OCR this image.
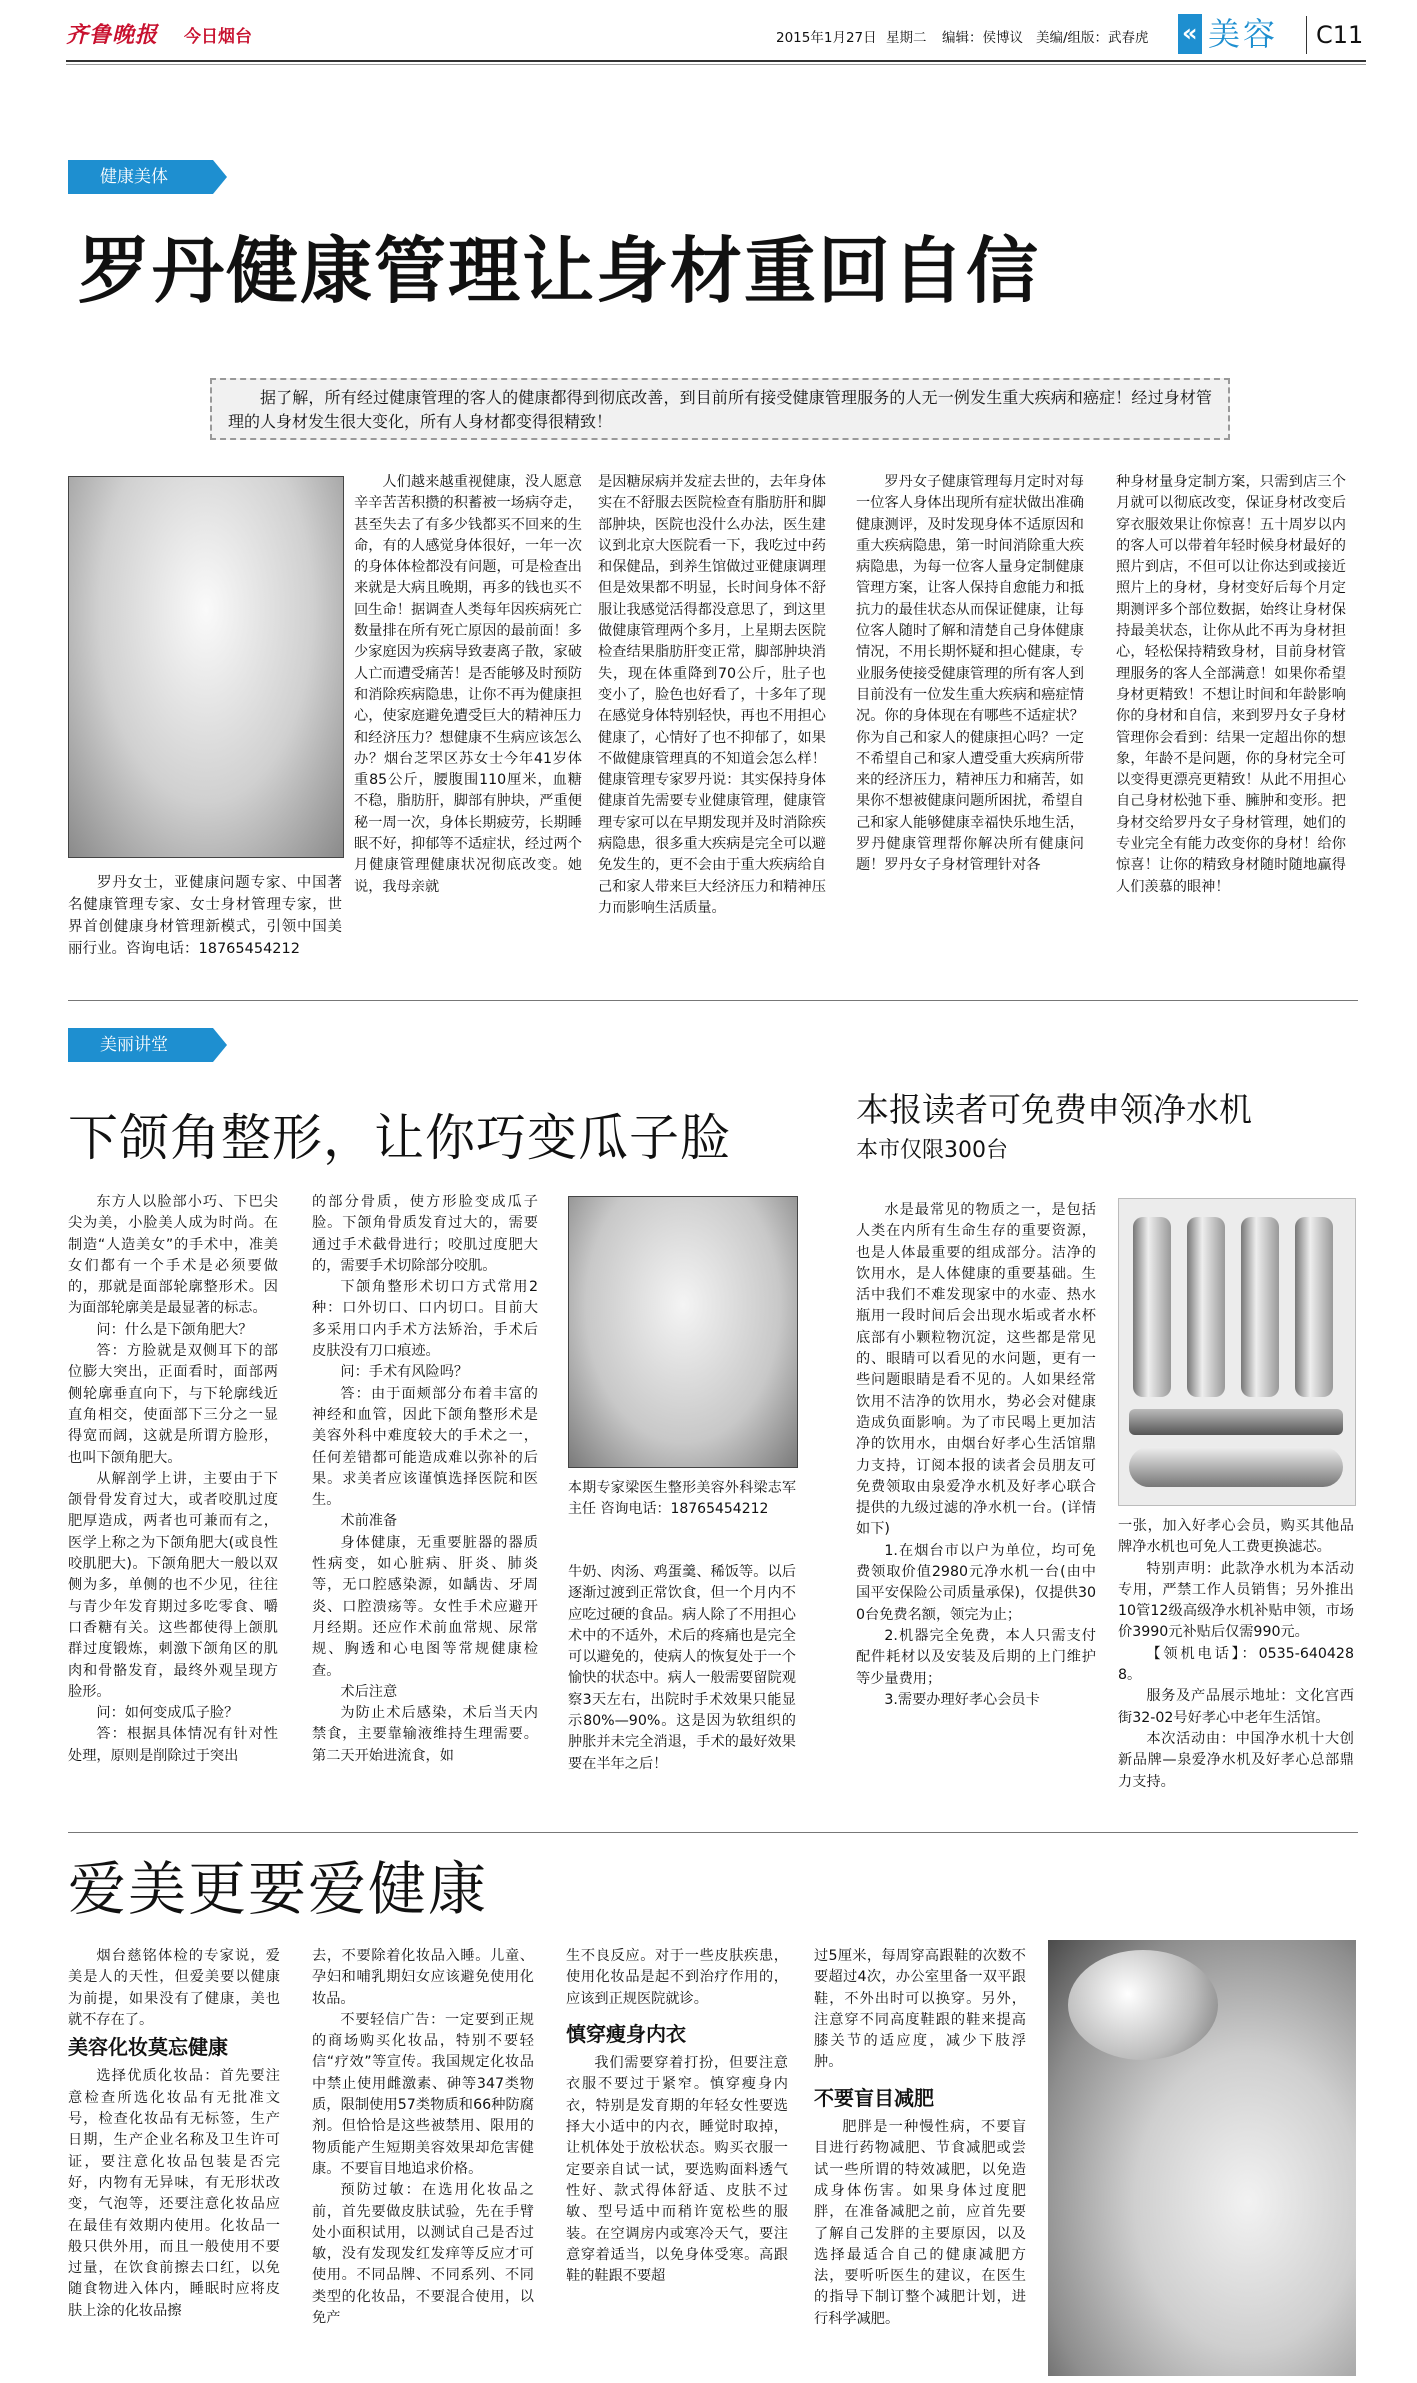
齐鲁晚报 今日烟台	2015年1月27日 星期二 编辑：侯博议 美编/组版：武春虎 « 美容 C11
健康美体
罗丹健康管理让身材重回自信
据了解，所有经过健康管理的客人的健康都得到彻底改善，到目前所有接受健康管理服务的人无一例发生重大疾病和癌症！经过身材管理的人身材发生很大变化，所有人身材都变得很精致！
罗丹女士，亚健康问题专家、中国著名健康管理专家、女士身材管理专家，世界首创健康身材管理新模式，引领中国美丽行业。咨询电话：18765454212

人们越来越重视健康，没人愿意辛辛苦苦积攒的积蓄被一场病夺走，甚至失去了有多少钱都买不回来的生命，有的人感觉身体很好，一年一次的身体体检都没有问题，可是检查出来就是大病且晚期，再多的钱也买不回生命！据调查人类每年因疾病死亡数量排在所有死亡原因的最前面！多少家庭因为疾病导致妻离子散，家破人亡而遭受痛苦！是否能够及时预防和消除疾病隐患，让你不再为健康担心，使家庭避免遭受巨大的精神压力和经济压力？想健康不生病应该怎么办？烟台芝罘区苏女士今年41岁体重85公斤，腰腹围110厘米，血糖不稳，脂肪肝，脚部有肿块，严重便秘一周一次，身体长期疲劳，长期睡眠不好，抑郁等不适症状，经过两个月健康管理健康状况彻底改变。她说，我母亲就

是因糖尿病并发症去世的，去年身体实在不舒服去医院检查有脂肪肝和脚部肿块，医院也没什么办法，医生建议到北京大医院看一下，我吃过中药和保健品，到养生馆做过亚健康调理但是效果都不明显，长时间身体不舒服让我感觉活得都没意思了，到这里做健康管理两个多月，上星期去医院检查结果脂肪肝变正常，脚部肿块消失，现在体重降到70公斤，肚子也变小了，脸色也好看了，十多年了现在感觉身体特别轻快，再也不用担心健康了，心情好了也不抑郁了，如果不做健康管理真的不知道会怎么样！健康管理专家罗丹说：其实保持身体健康首先需要专业健康管理，健康管理专家可以在早期发现并及时消除疾病隐患，很多重大疾病是完全可以避免发生的，更不会由于重大疾病给自己和家人带来巨大经济压力和精神压力而影响生活质量。

罗丹女子健康管理每月定时对每一位客人身体出现所有症状做出准确健康测评，及时发现身体不适原因和重大疾病隐患，第一时间消除重大疾病隐患，为每一位客人量身定制健康管理方案，让客人保持自愈能力和抵抗力的最佳状态从而保证健康，让每位客人随时了解和清楚自己身体健康情况，不用长期怀疑和担心健康，专业服务使接受健康管理的所有客人到目前没有一位发生重大疾病和癌症情况。你的身体现在有哪些不适症状？你为自己和家人的健康担心吗？一定不希望自己和家人遭受重大疾病所带来的经济压力，精神压力和痛苦，如果你不想被健康问题所困扰，希望自己和家人能够健康幸福快乐地生活，罗丹健康管理帮你解决所有健康问题！罗丹女子身材管理针对各

种身材量身定制方案，只需到店三个月就可以彻底改变，保证身材改变后穿衣服效果让你惊喜！五十周岁以内的客人可以带着年轻时候身材最好的照片到店，不但可以让你达到或接近照片上的身材，身材变好后每个月定期测评多个部位数据，始终让身材保持最美状态，让你从此不再为身材担心，轻松保持精致身材，目前身材管理服务的客人全部满意！如果你希望身材更精致！不想让时间和年龄影响你的身材和自信，来到罗丹女子身材管理你会看到：结果一定超出你的想象，年龄不是问题，你的身材完全可以变得更漂亮更精致！从此不用担心自己身材松弛下垂、臃肿和变形。把身材交给罗丹女子身材管理，她们的专业完全有能力改变你的身材！给你惊喜！让你的精致身材随时随地赢得人们羡慕的眼神！

美丽讲堂
下颌角整形，让你巧变瓜子脸

东方人以脸部小巧、下巴尖尖为美，小脸美人成为时尚。在制造“人造美女”的手术中，准美女们都有一个手术是必须要做的，那就是面部轮廓整形术。因为面部轮廓美是最显著的标志。

问：什么是下颌角肥大？

答：方脸就是双侧耳下的部位膨大突出，正面看时，面部两侧轮廓垂直向下，与下轮廓线近直角相交，使面部下三分之一显得宽而阔，这就是所谓方脸形，也叫下颌角肥大。

从解剖学上讲，主要由于下颌骨骨发育过大，或者咬肌过度肥厚造成，两者也可兼而有之，医学上称之为下颌角肥大(或良性咬肌肥大)。下颌角肥大一般以双侧为多，单侧的也不少见，往往与青少年发育期过多吃零食、嚼口香糖有关。这些都使得上颌肌群过度锻炼，刺激下颌角区的肌肉和骨骼发育，最终外观呈现方脸形。

问：如何变成瓜子脸？

答：根据具体情况有针对性处理，原则是削除过于突出

的部分骨质，使方形脸变成瓜子脸。下颌角骨质发育过大的，需要通过手术截骨进行；咬肌过度肥大的，需要手术切除部分咬肌。

下颌角整形术切口方式常用2种：口外切口、口内切口。目前大多采用口内手术方法矫治，手术后皮肤没有刀口痕迹。

问：手术有风险吗？

答：由于面颊部分布着丰富的神经和血管，因此下颌角整形术是美容外科中难度较大的手术之一，任何差错都可能造成难以弥补的后果。求美者应该谨慎选择医院和医生。

术前准备

身体健康，无重要脏器的器质性病变，如心脏病、肝炎、肺炎等，无口腔感染源，如龋齿、牙周炎、口腔溃疡等。女性手术应避开月经期。还应作术前血常规、尿常规、胸透和心电图等常规健康检查。

术后注意

为防止术后感染，术后当天内禁食，主要靠输液维持生理需要。第二天开始进流食，如

本期专家梁医生整形美容外科梁志军主任 咨询电话：18765454212

牛奶、肉汤、鸡蛋羹、稀饭等。以后逐渐过渡到正常饮食，但一个月内不应吃过硬的食品。病人除了不用担心术中的不适外，术后的疼痛也是完全可以避免的，使病人的恢复处于一个愉快的状态中。病人一般需要留院观察3天左右，出院时手术效果只能显示80%—90%。这是因为软组织的肿胀并未完全消退，手术的最好效果要在半年之后！

本报读者可免费申领净水机
本市仅限300台

水是最常见的物质之一，是包括人类在内所有生命生存的重要资源，也是人体最重要的组成部分。洁净的饮用水，是人体健康的重要基础。生活中我们不难发现家中的水壶、热水瓶用一段时间后会出现水垢或者水杯底部有小颗粒物沉淀，这些都是常见的、眼睛可以看见的水问题，更有一些问题眼睛是看不见的。人如果经常饮用不洁净的饮用水，势必会对健康造成负面影响。为了市民喝上更加洁净的饮用水，由烟台好孝心生活馆鼎力支持，订阅本报的读者会员朋友可免费领取由泉爱净水机及好孝心联合提供的九级过滤的净水机一台。(详情如下)

1.在烟台市以户为单位，均可免费领取价值2980元净水机一台(由中国平安保险公司质量承保)，仅提供300台免费名额，领完为止；

2.机器完全免费，本人只需支付配件耗材以及安装及后期的上门维护等少量费用；

3.需要办理好孝心会员卡

一张，加入好孝心会员，购买其他品牌净水机也可免人工费更换滤芯。

特别声明：此款净水机为本活动专用，严禁工作人员销售；另外推出10管12级高级净水机补贴申领，市场价3990元补贴后仅需990元。

【领机电话】：0535-6404288。

服务及产品展示地址：文化宫西街32-02号好孝心中老年生活馆。

本次活动由：中国净水机十大创新品牌—泉爱净水机及好孝心总部鼎力支持。

爱美更要爱健康

烟台慈铭体检的专家说，爱美是人的天性，但爱美要以健康为前提，如果没有了健康，美也就不存在了。

美容化妆莫忘健康

选择优质化妆品：首先要注意检查所选化妆品有无批准文号，检查化妆品有无标签，生产日期，生产企业名称及卫生许可证，要注意化妆品包装是否完好，内物有无异味，有无形状改变，气泡等，还要注意化妆品应在最佳有效期内使用。化妆品一般只供外用，而且一般使用不要过量，在饮食前擦去口红，以免随食物进入体内，睡眠时应将皮肤上涂的化妆品擦

去，不要除着化妆品入睡。儿童、孕妇和哺乳期妇女应该避免使用化妆品。

不要轻信广告：一定要到正规的商场购买化妆品，特别不要轻信“疗效”等宣传。我国规定化妆品中禁止使用雌激素、砷等347类物质，限制使用57类物质和66种防腐剂。但恰恰是这些被禁用、限用的物质能产生短期美容效果却危害健康。不要盲目地追求价格。

预防过敏：在选用化妆品之前，首先要做皮肤试验，先在手臂处小面积试用，以测试自己是否过敏，没有发现发红发痒等反应才可使用。不同品牌、不同系列、不同类型的化妆品，不要混合使用，以免产

生不良反应。对于一些皮肤疾患，使用化妆品是起不到治疗作用的，应该到正规医院就诊。

慎穿瘦身内衣

我们需要穿着打扮，但要注意衣服不要过于紧窄。慎穿瘦身内衣，特别是发育期的年轻女性要选择大小适中的内衣，睡觉时取掉，让机体处于放松状态。购买衣服一定要亲自试一试，要选购面料透气性好、款式得体舒适、皮肤不过敏、型号适中而稍许宽松些的服装。在空调房内或寒冷天气，要注意穿着适当，以免身体受寒。高跟鞋的鞋跟不要超

过5厘米，每周穿高跟鞋的次数不要超过4次，办公室里备一双平跟鞋，不外出时可以换穿。另外，注意穿不同高度鞋跟的鞋来提高膝关节的适应度，减少下肢浮肿。

不要盲目减肥

肥胖是一种慢性病，不要盲目进行药物减肥、节食减肥或尝试一些所谓的特效减肥，以免造成身体伤害。如果身体过度肥胖，在准备减肥之前，应首先要了解自己发胖的主要原因，以及选择最适合自己的健康减肥方法，要听听医生的建议，在医生的指导下制订整个减肥计划，进行科学减肥。
